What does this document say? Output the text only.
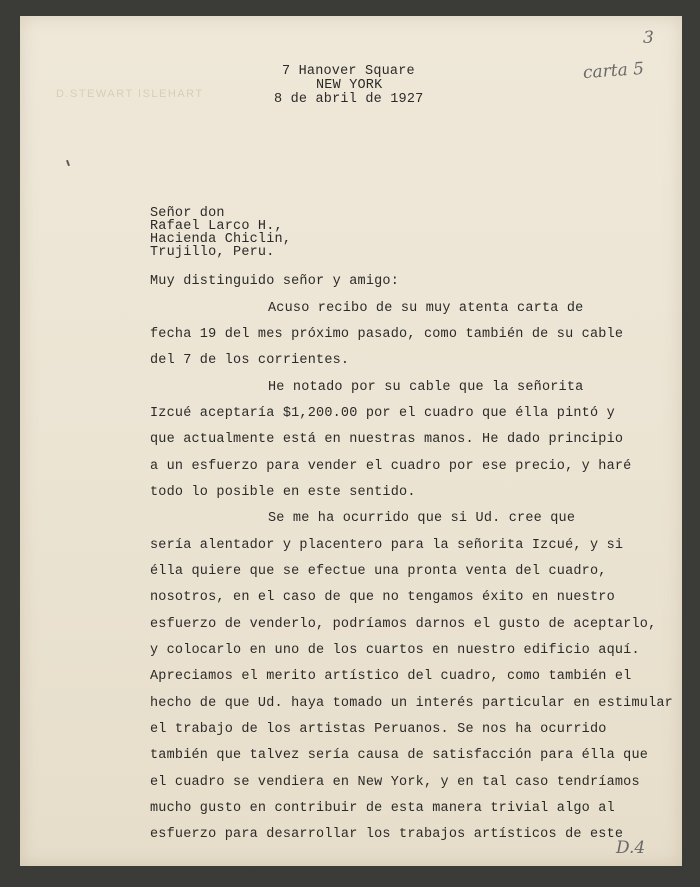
3
carta 5
D.4
D.STEWART ISLEHART
7 Hanover Square
NEW YORK
8 de abril de 1927
Señor don
Rafael Larco H.,
Hacienda Chiclin,
Trujillo, Peru.
Muy distinguido señor y amigo:
Acuso recibo de su muy atenta carta de
fecha 19 del mes próximo pasado, como también de su cable
del 7 de los corrientes.
He notado por su cable que la señorita
Izcué aceptaría $1,200.00 por el cuadro que élla pintó y
que actualmente está en nuestras manos. He dado principio
a un esfuerzo para vender el cuadro por ese precio, y haré
todo lo posible en este sentido.
Se me ha ocurrido que si Ud. cree que
sería alentador y placentero para la señorita Izcué, y si
élla quiere que se efectue una pronta venta del cuadro,
nosotros, en el caso de que no tengamos éxito en nuestro
esfuerzo de venderlo, podríamos darnos el gusto de aceptarlo,
y colocarlo en uno de los cuartos en nuestro edificio aquí.
Apreciamos el merito artístico del cuadro, como también el
hecho de que Ud. haya tomado un interés particular en estimular
el trabajo de los artistas Peruanos. Se nos ha ocurrido
también que talvez sería causa de satisfacción para élla que
el cuadro se vendiera en New York, y en tal caso tendríamos
mucho gusto en contribuir de esta manera trivial algo al
esfuerzo para desarrollar los trabajos artísticos de este
